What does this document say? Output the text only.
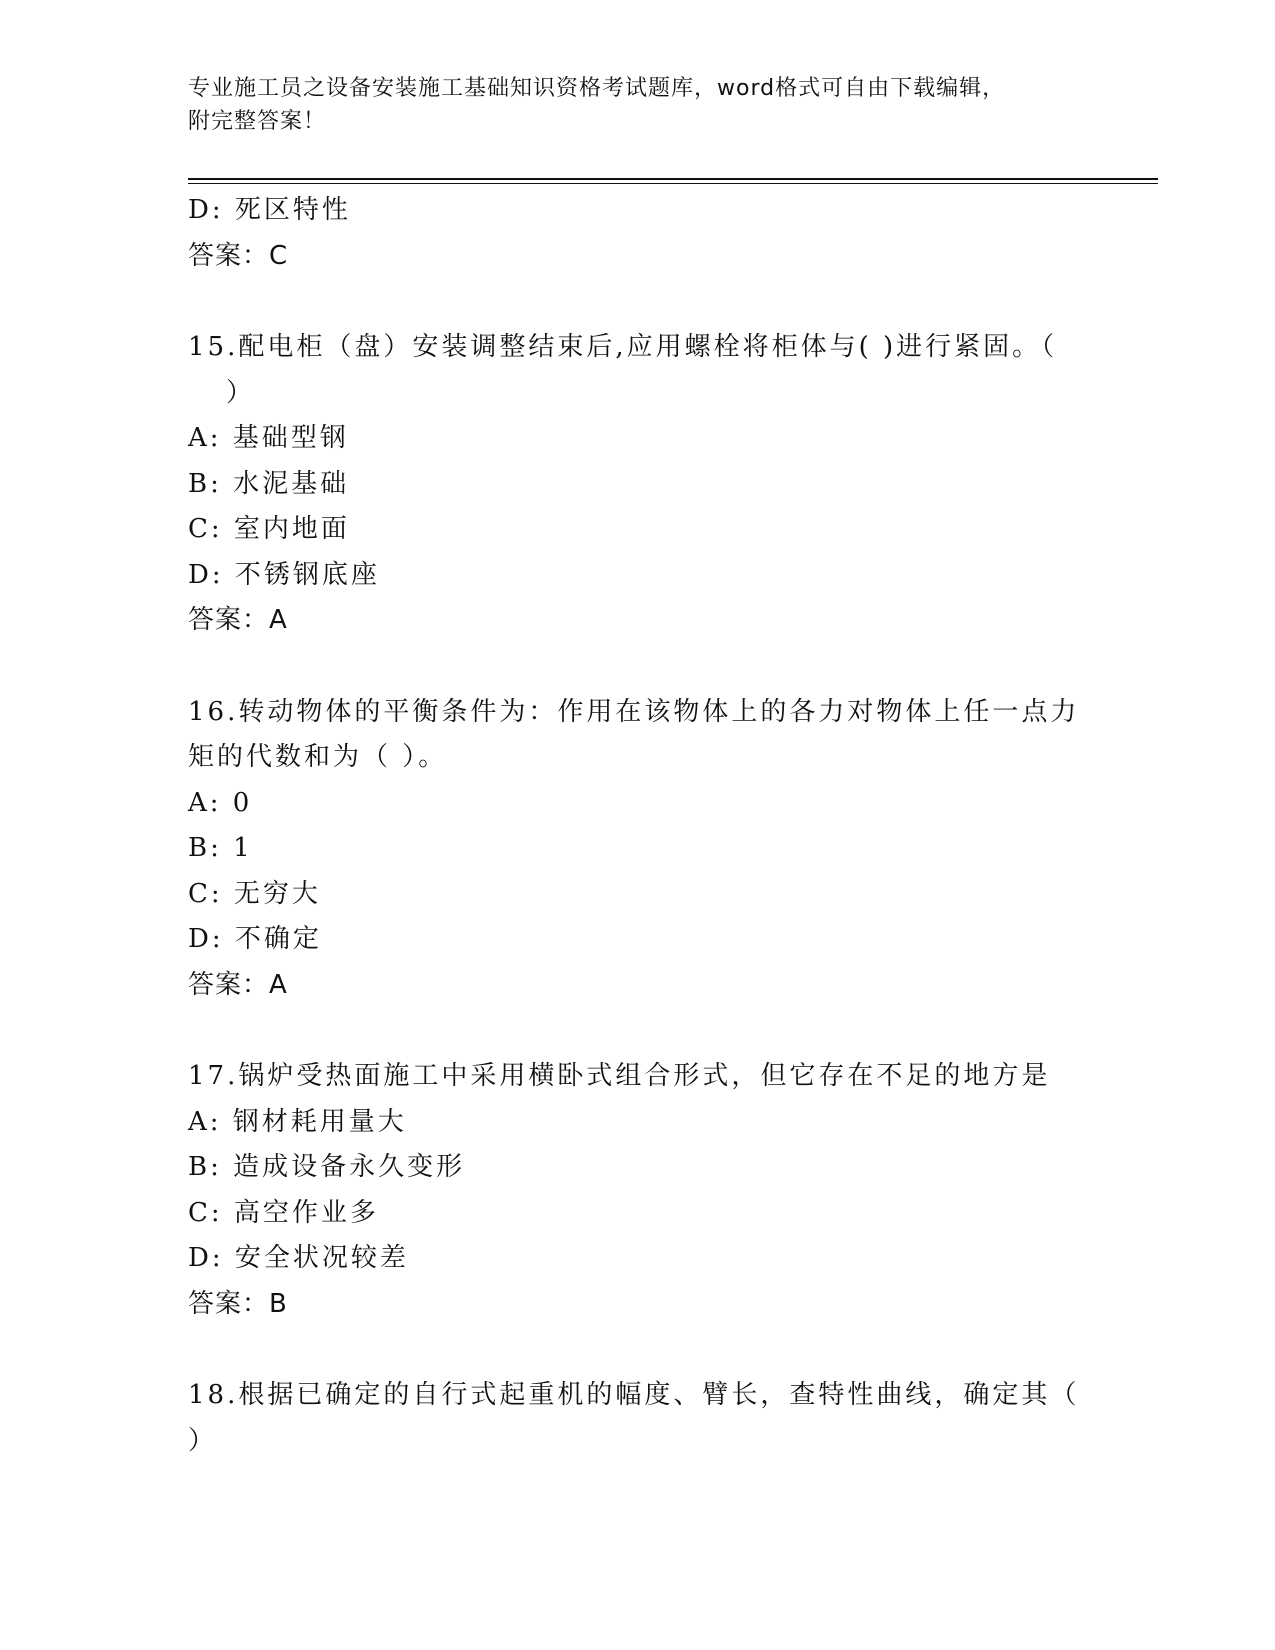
专业施工员之设备安装施工基础知识资格考试题库，word格式可自由下载编辑，
附完整答案！
D: 死区特性
答案：C
15.配电柜（盘）安装调整结束后,应用螺栓将柜体与( )进行紧固。（
）
A: 基础型钢
B: 水泥基础
C: 室内地面
D: 不锈钢底座
答案：A
16.转动物体的平衡条件为：作用在该物体上的各力对物体上任一点力
矩的代数和为（ ）。
A: 0
B: 1
C: 无穷大
D: 不确定
答案：A
17.锅炉受热面施工中采用横卧式组合形式，但它存在不足的地方是
A: 钢材耗用量大
B: 造成设备永久变形
C: 高空作业多
D: 安全状况较差
答案：B
18.根据已确定的自行式起重机的幅度、臂长，查特性曲线，确定其（
）
